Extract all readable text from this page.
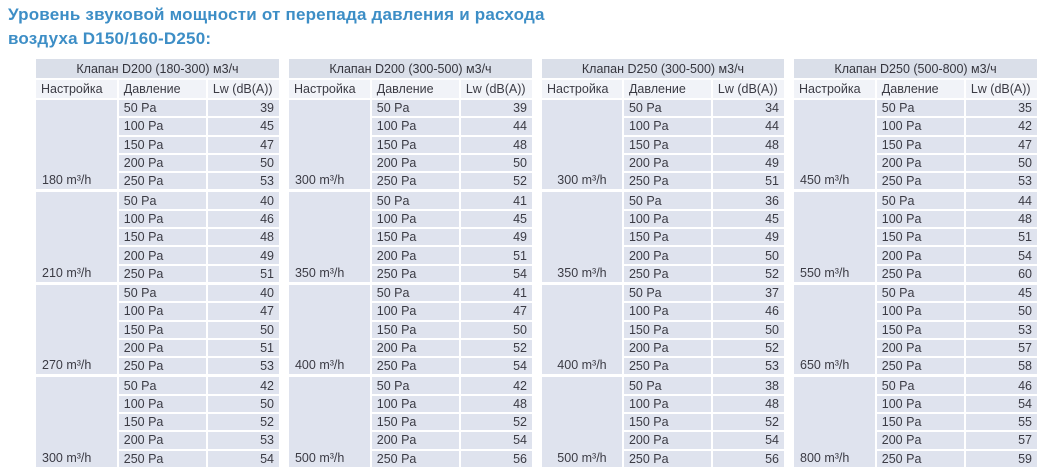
Уровень звуковой мощности от перепада давления и расхода
воздуха D150/160-D250:
Клапан D200 (180-300) м3/ч		
Настройка	Давление	Lw (dB(A))
180 m³/h	50 Pa	39
	100 Pa	45
	150 Pa	47
	200 Pa	50
	250 Pa	53
210 m³/h	50 Pa	40
	100 Pa	46
	150 Pa	48
	200 Pa	49
	250 Pa	51
270 m³/h	50 Pa	40
	100 Pa	47
	150 Pa	50
	200 Pa	51
	250 Pa	53
300 m³/h	50 Pa	42
	100 Pa	50
	150 Pa	52
	200 Pa	53
	250 Pa	54
Клапан D200 (300-500) м3/ч		
Настройка	Давление	Lw (dB(A))
300 m³/h	50 Pa	39
	100 Pa	44
	150 Pa	48
	200 Pa	50
	250 Pa	52
350 m³/h	50 Pa	41
	100 Pa	45
	150 Pa	49
	200 Pa	51
	250 Pa	54
400 m³/h	50 Pa	41
	100 Pa	47
	150 Pa	50
	200 Pa	52
	250 Pa	54
500 m³/h	50 Pa	42
	100 Pa	48
	150 Pa	52
	200 Pa	54
	250 Pa	56
Клапан D250 (300-500) м3/ч		
Настройка	Давление	Lw (dB(A))
300 m³/h	50 Pa	34
	100 Pa	44
	150 Pa	48
	200 Pa	49
	250 Pa	51
350 m³/h	50 Pa	36
	100 Pa	45
	150 Pa	49
	200 Pa	50
	250 Pa	52
400 m³/h	50 Pa	37
	100 Pa	46
	150 Pa	50
	200 Pa	52
	250 Pa	53
500 m³/h	50 Pa	38
	100 Pa	48
	150 Pa	52
	200 Pa	54
	250 Pa	56
Клапан D250 (500-800) м3/ч		
Настройка	Давление	Lw (dB(A))
450 m³/h	50 Pa	35
	100 Pa	42
	150 Pa	47
	200 Pa	50
	250 Pa	53
550 m³/h	50 Pa	44
	100 Pa	48
	150 Pa	51
	200 Pa	54
	250 Pa	60
650 m³/h	50 Pa	45
	100 Pa	50
	150 Pa	53
	200 Pa	57
	250 Pa	58
800 m³/h	50 Pa	46
	100 Pa	54
	150 Pa	55
	200 Pa	57
	250 Pa	59
